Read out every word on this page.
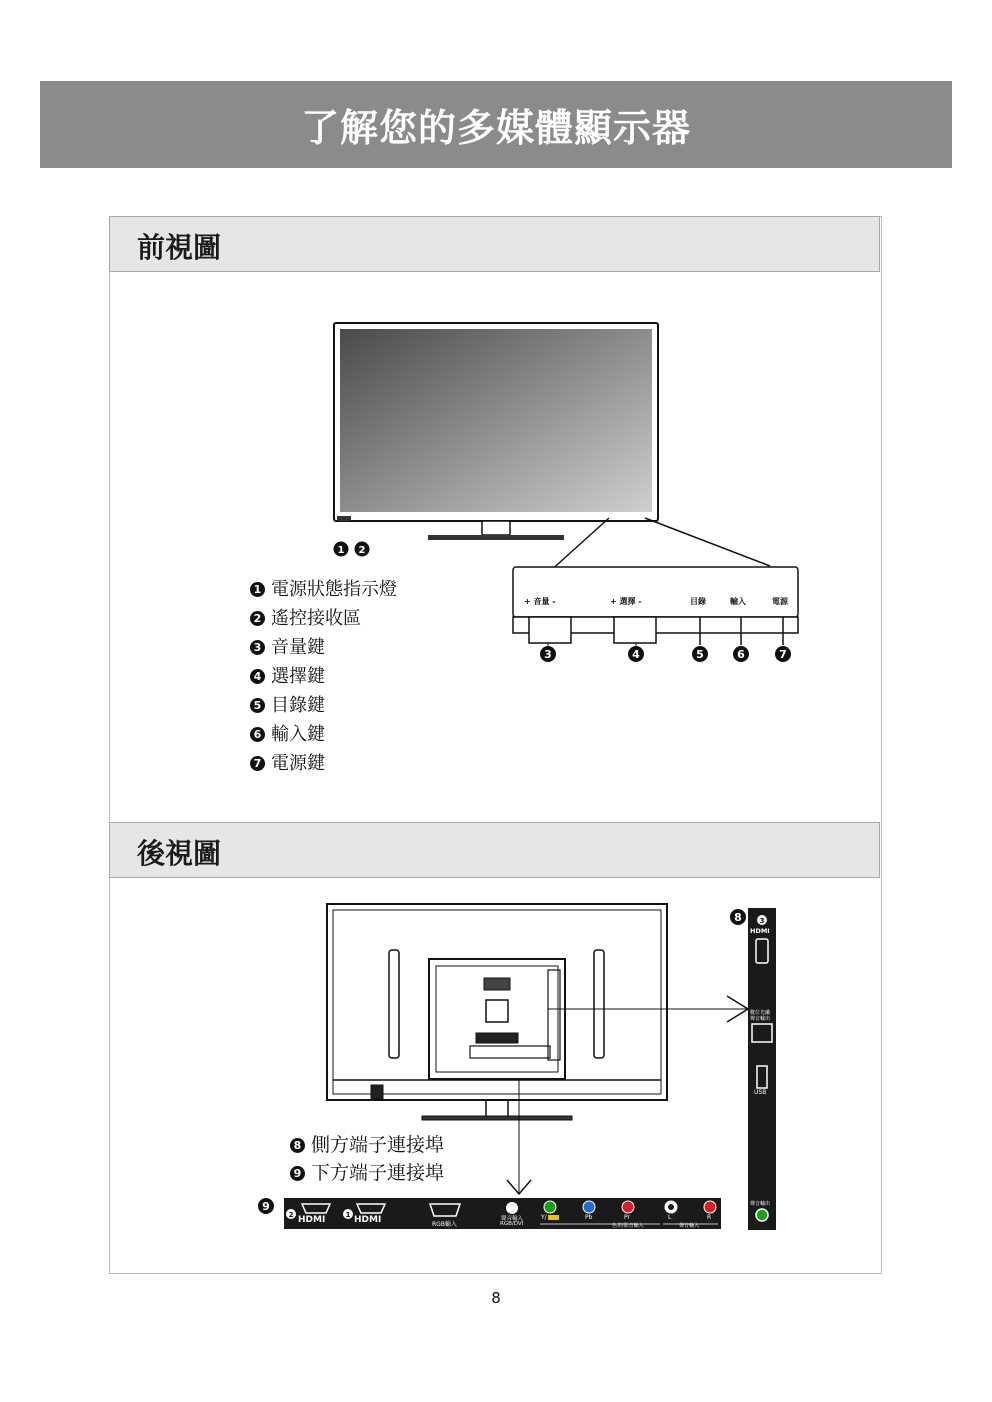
了解您的多媒體顯示器
前視圖
1 2
+ 音量 -	+ 選擇 -	目錄	輸入	電源
3	4	5	6	7
1 電源狀態指示燈
2 遙控接收區
3 音量鍵
4 選擇鍵
5 目錄鍵
6 輸入鍵
7 電源鍵
後視圖
3
8
2	1
9
HDMI	HDMI	RGB輸入
聲音輸入
RGB/DVI
Y/	Pb	Pr	L	R
色差/影音輸入	聲音輸入
HDMI
數位光纖
聲音輸出
USB
聲音輸出
8 側方端子連接埠
9 下方端子連接埠
8
